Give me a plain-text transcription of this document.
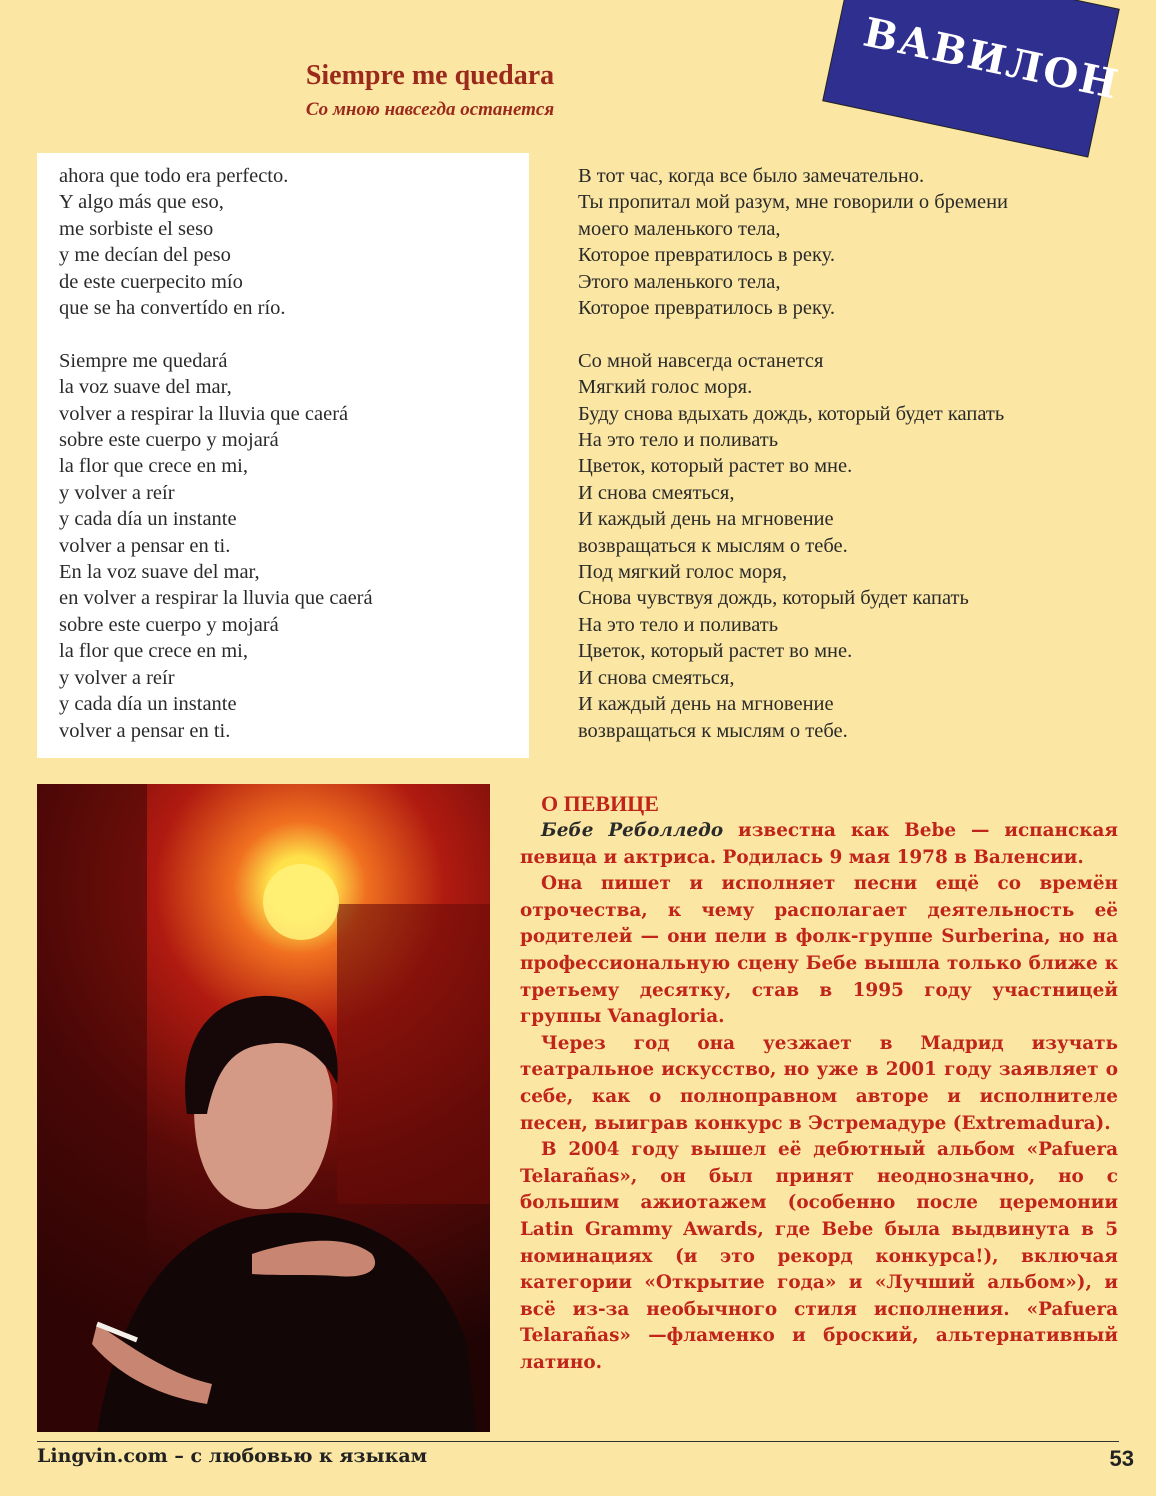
ВАВИЛОН
Siempre me quedara
Со мною навсегда останется
ahora que todo era perfecto.
Y algo más que eso,
me sorbiste el seso
y me decían del peso
de este cuerpecito mío
que se ha convertído en río.
Siempre me quedará
la voz suave del mar,
volver a respirar la lluvia que caerá
sobre este cuerpo y mojará
la flor que crece en mi,
y volver a reír
y cada día un instante
volver a pensar en ti.
En la voz suave del mar,
en volver a respirar la lluvia que caerá
sobre este cuerpo y mojará
la flor que crece en mi,
y volver a reír
y cada día un instante
volver a pensar en ti.
В тот час, когда все было замечательно.
Ты пропитал мой разум, мне говорили о бремени
моего маленького тела,
Которое превратилось в реку.
Этого маленького тела,
Которое превратилось в реку.
Со мной навсегда останется
Мягкий голос моря.
Буду снова вдыхать дождь, который будет капать
На это тело и поливать
Цветок, который растет во мне.
И снова смеяться,
И каждый день на мгновение
возвращаться к мыслям о тебе.
Под мягкий голос моря,
Снова чувствуя дождь, который будет капать
На это тело и поливать
Цветок, который растет во мне.
И снова смеяться,
И каждый день на мгновение
возвращаться к мыслям о тебе.
О ПЕВИЦЕ

Бебе Реболледо известна как Bebe — испанская певица и актриса. Родилась 9 мая 1978 в Валенсии.

Она пишет и исполняет песни ещё со времён отрочества, к чему располагает деятельность её родителей — они пели в фолк-группе Surberina, но на профессиональную сцену Бебе вышла только ближе к третьему десятку, став в 1995 году участницей группы Vanagloria.

Через год она уезжает в Мадрид изучать театральное искусство, но уже в 2001 году заявляет о себе, как о полноправном авторе и исполнителе песен, выиграв конкурс в Эстремадуре (Extremadura).

В 2004 году вышел её дебютный альбом «Pafuera Telarañas», он был принят неоднозначно, но с большим ажиотажем (особенно после церемонии Latin Grammy Awards, где Bebe была выдвинута в 5 номинациях (и это рекорд конкурса!), включая категории «Открытие года» и «Лучший альбом»), и всё из-за необычного стиля исполнения. «Pafuera Telarañas» —фламенко и броский, альтернативный латино.

Lingvin.com – с любовью к языкам	53
